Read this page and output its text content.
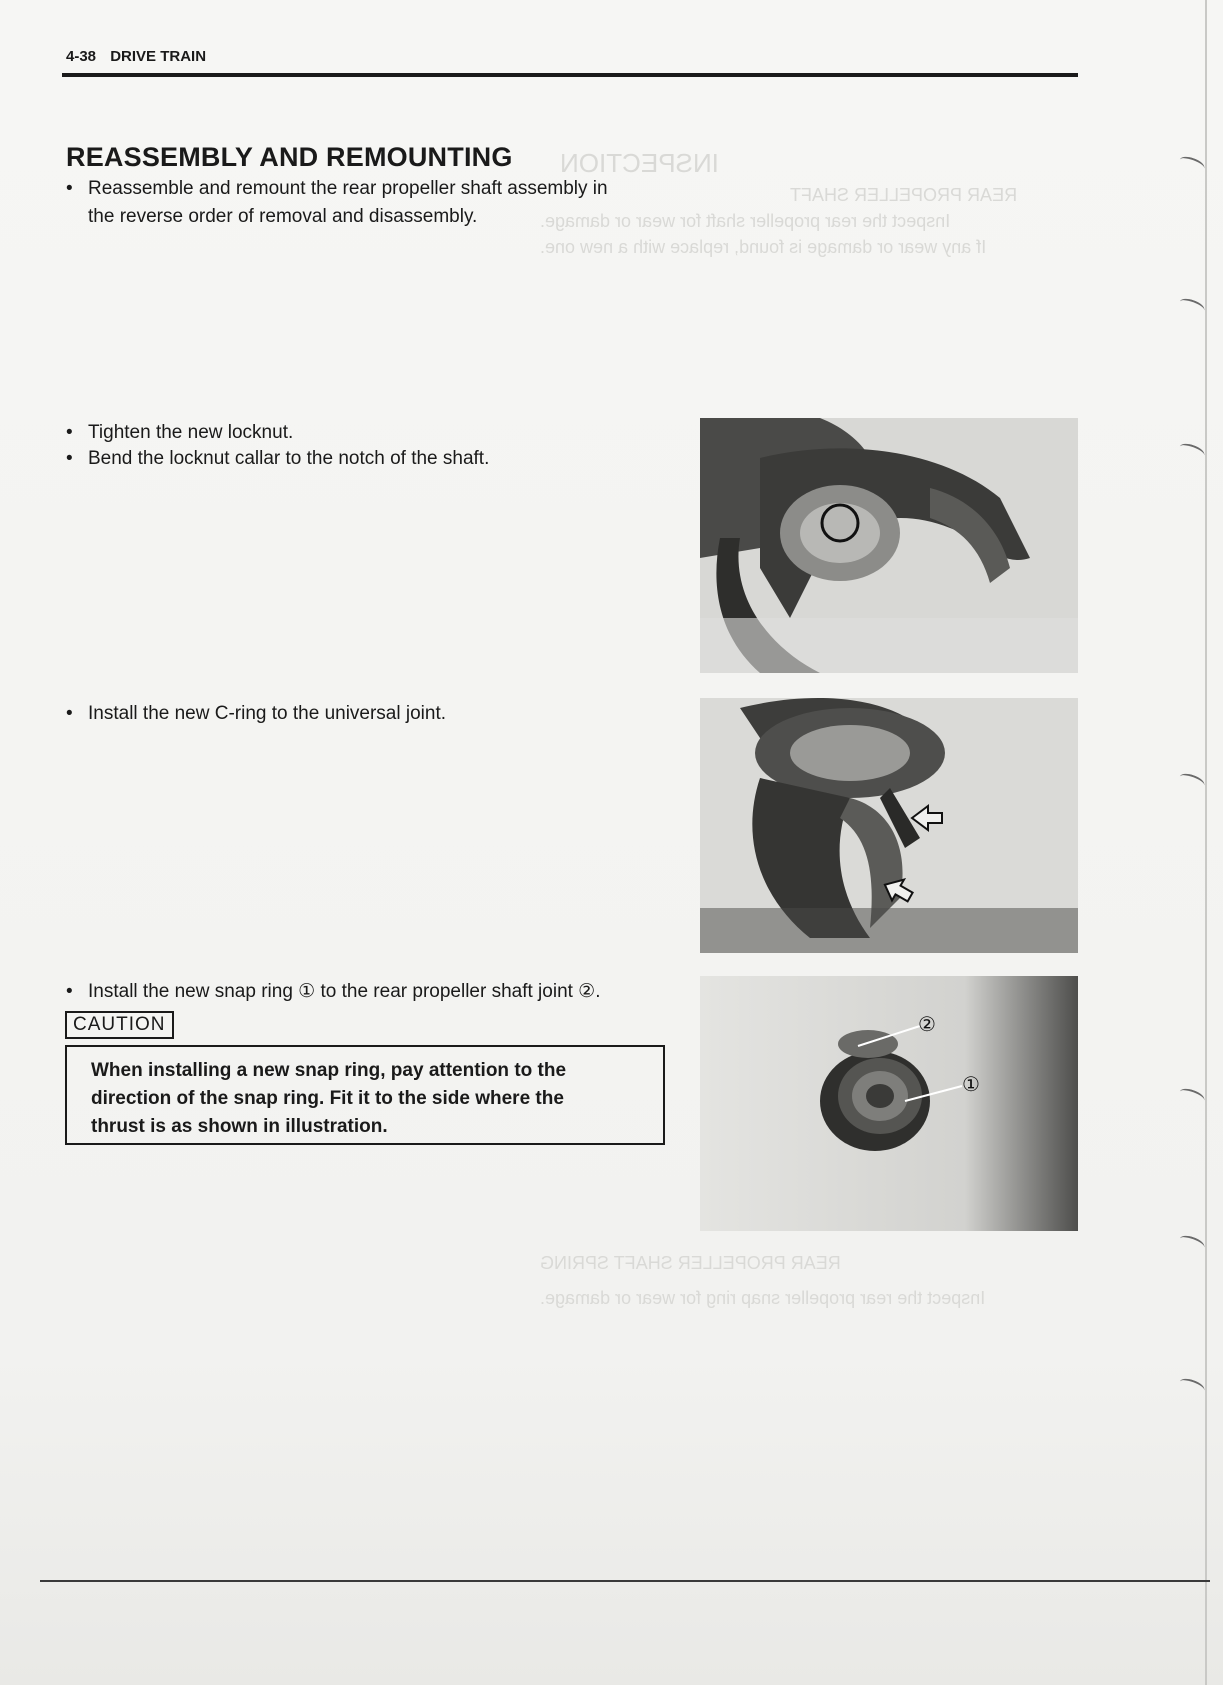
INSPECTION
REAR PROPELLER SHAFT
Inspect the rear propeller shaft for wear or damage.
If any wear or damage is found, replace with a new one.
REAR PROPELLER SHAFT SPRING
Inspect the rear propeller snap ring for wear or damage.
4-38 DRIVE TRAIN
REASSEMBLY AND REMOUNTING
• Reassemble and remount the rear propeller shaft assembly in
the reverse order of removal and disassembly.
• Tighten the new locknut.
• Bend the locknut callar to the notch of the shaft.
• Install the new C-ring to the universal joint.
• Install the new snap ring ① to the rear propeller shaft joint ②.
CAUTION
When installing a new snap ring, pay attention to the
direction of the snap ring. Fit it to the side where the
thrust is as shown in illustration.
②
①
